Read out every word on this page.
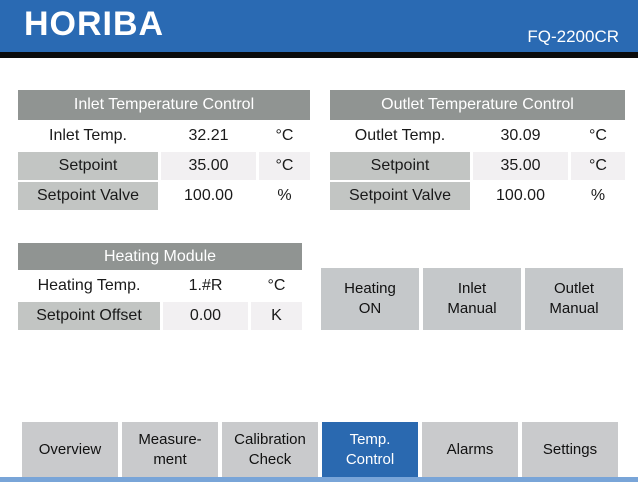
HORIBA	FQ-2200CR
Inlet Temperature Control
Inlet Temp.	32.21	°C
Setpoint	35.00	°C
Setpoint Valve	100.00	%
Outlet Temperature Control
Outlet Temp.	30.09	°C
Setpoint	35.00	°C
Setpoint Valve	100.00	%
Heating Module
Heating Temp.	1.#R	°C
Setpoint Offset	0.00	K
Heating
ON
Inlet
Manual
Outlet
Manual
Overview
Measure-
ment
Calibration
Check
Temp.
Control
Alarms	Settings
